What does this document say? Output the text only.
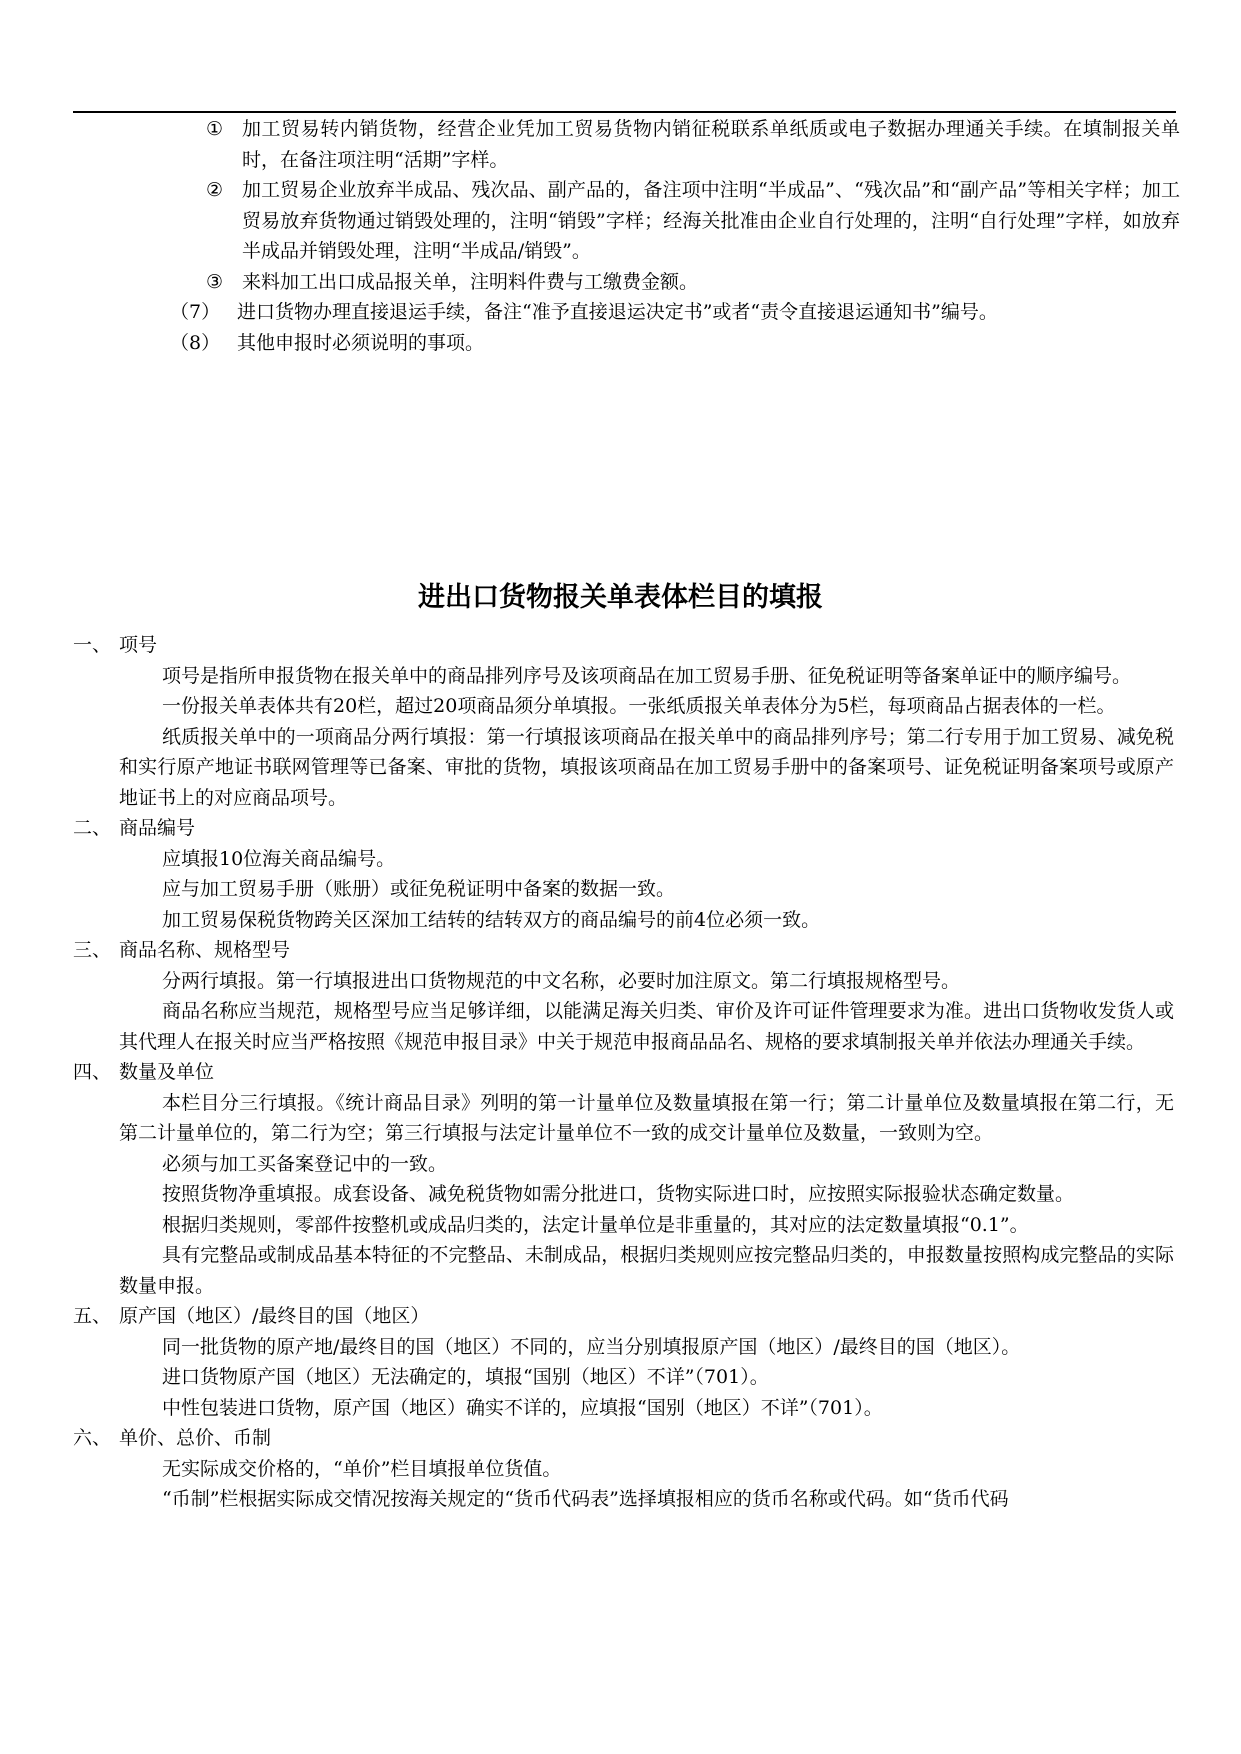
① 加工贸易转内销货物，经营企业凭加工贸易货物内销征税联系单纸质或电子数据办理通关手续。在填制报关单时，在备注项注明“活期”字样。
② 加工贸易企业放弃半成品、残次品、副产品的，备注项中注明“半成品”、“残次品”和“副产品”等相关字样；加工贸易放弃货物通过销毁处理的，注明“销毁”字样；经海关批准由企业自行处理的，注明“自行处理”字样，如放弃半成品并销毁处理，注明“半成品/销毁”。
③ 来料加工出口成品报关单，注明料件费与工缴费金额。
（7） 进口货物办理直接退运手续，备注“准予直接退运决定书”或者“责令直接退运通知书”编号。
（8） 其他申报时必须说明的事项。
进出口货物报关单表体栏目的填报
一、 项号

项号是指所申报货物在报关单中的商品排列序号及该项商品在加工贸易手册、征免税证明等备案单证中的顺序编号。

一份报关单表体共有20栏，超过20项商品须分单填报。一张纸质报关单表体分为5栏，每项商品占据表体的一栏。

纸质报关单中的一项商品分两行填报：第一行填报该项商品在报关单中的商品排列序号；第二行专用于加工贸易、减免税和实行原产地证书联网管理等已备案、审批的货物，填报该项商品在加工贸易手册中的备案项号、证免税证明备案项号或原产地证书上的对应商品项号。

二、 商品编号

应填报10位海关商品编号。

应与加工贸易手册（账册）或征免税证明中备案的数据一致。

加工贸易保税货物跨关区深加工结转的结转双方的商品编号的前4位必须一致。

三、 商品名称、规格型号

分两行填报。第一行填报进出口货物规范的中文名称，必要时加注原文。第二行填报规格型号。

商品名称应当规范，规格型号应当足够详细，以能满足海关归类、审价及许可证件管理要求为准。进出口货物收发货人或其代理人在报关时应当严格按照《规范申报目录》中关于规范申报商品品名、规格的要求填制报关单并依法办理通关手续。

四、 数量及单位

本栏目分三行填报。《统计商品目录》列明的第一计量单位及数量填报在第一行；第二计量单位及数量填报在第二行，无第二计量单位的，第二行为空；第三行填报与法定计量单位不一致的成交计量单位及数量，一致则为空。

必须与加工买备案登记中的一致。

按照货物净重填报。成套设备、减免税货物如需分批进口，货物实际进口时，应按照实际报验状态确定数量。

根据归类规则，零部件按整机或成品归类的，法定计量单位是非重量的，其对应的法定数量填报“0.1”。

具有完整品或制成品基本特征的不完整品、未制成品，根据归类规则应按完整品归类的，申报数量按照构成完整品的实际数量申报。

五、 原产国（地区）/最终目的国（地区）

同一批货物的原产地/最终目的国（地区）不同的，应当分别填报原产国（地区）/最终目的国（地区）。

进口货物原产国（地区）无法确定的，填报“国别（地区）不详”（701）。

中性包装进口货物，原产国（地区）确实不详的，应填报“国别（地区）不详”（701）。

六、 单价、总价、币制

无实际成交价格的，“单价”栏目填报单位货值。

“币制”栏根据实际成交情况按海关规定的“货币代码表”选择填报相应的货币名称或代码。如“货币代码
